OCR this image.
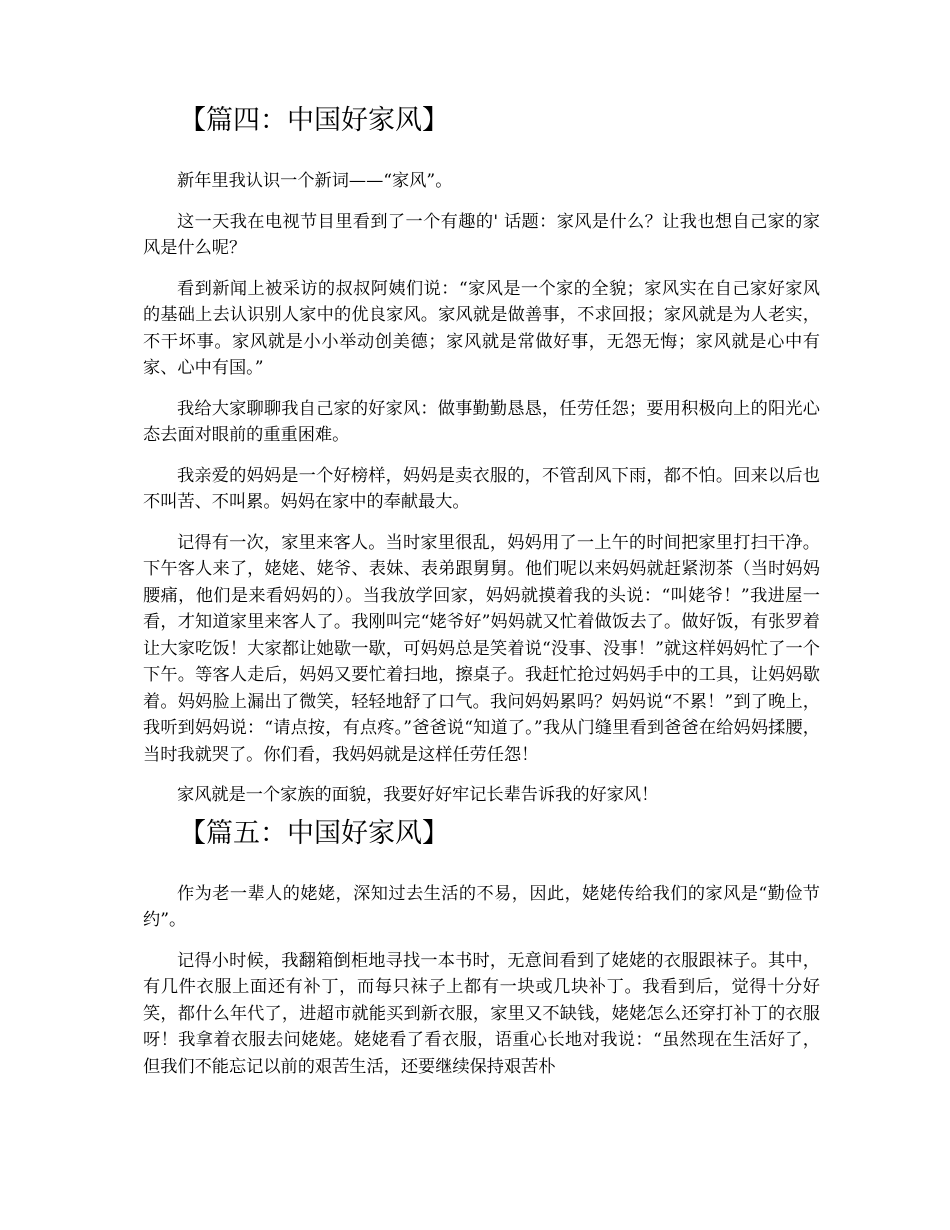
【篇四：中国好家风】

新年里我认识一个新词——“家风”。

这一天我在电视节目里看到了一个有趣的' 话题：家风是什么？让我也想自己家的家风是什么呢？

看到新闻上被采访的叔叔阿姨们说：“家风是一个家的全貌；家风实在自己家好家风的基础上去认识别人家中的优良家风。家风就是做善事，不求回报；家风就是为人老实，不干坏事。家风就是小小举动创美德；家风就是常做好事，无怨无悔；家风就是心中有家、心中有国。”

我给大家聊聊我自己家的好家风：做事勤勤恳恳，任劳任怨；要用积极向上的阳光心态去面对眼前的重重困难。

我亲爱的妈妈是一个好榜样，妈妈是卖衣服的，不管刮风下雨，都不怕。回来以后也不叫苦、不叫累。妈妈在家中的奉献最大。

记得有一次，家里来客人。当时家里很乱，妈妈用了一上午的时间把家里打扫干净。下午客人来了，姥姥、姥爷、表妹、表弟跟舅舅。他们呢以来妈妈就赶紧沏茶（当时妈妈腰痛，他们是来看妈妈的）。当我放学回家，妈妈就摸着我的头说：“叫姥爷！”我进屋一看，才知道家里来客人了。我刚叫完“姥爷好”妈妈就又忙着做饭去了。做好饭，有张罗着让大家吃饭！大家都让她歇一歇，可妈妈总是笑着说“没事、没事！”就这样妈妈忙了一个下午。等客人走后，妈妈又要忙着扫地，擦桌子。我赶忙抢过妈妈手中的工具，让妈妈歇着。妈妈脸上漏出了微笑，轻轻地舒了口气。我问妈妈累吗？妈妈说“不累！”到了晚上，我听到妈妈说：“请点按，有点疼。”爸爸说“知道了。”我从门缝里看到爸爸在给妈妈揉腰，当时我就哭了。你们看，我妈妈就是这样任劳任怨！

家风就是一个家族的面貌，我要好好牢记长辈告诉我的好家风！

【篇五：中国好家风】

作为老一辈人的姥姥，深知过去生活的不易，因此，姥姥传给我们的家风是“勤俭节约”。

记得小时候，我翻箱倒柜地寻找一本书时，无意间看到了姥姥的衣服跟袜子。其中，有几件衣服上面还有补丁，而每只袜子上都有一块或几块补丁。我看到后，觉得十分好笑，都什么年代了，进超市就能买到新衣服，家里又不缺钱，姥姥怎么还穿打补丁的衣服呀！我拿着衣服去问姥姥。姥姥看了看衣服，语重心长地对我说：“虽然现在生活好了，但我们不能忘记以前的艰苦生活，还要继续保持艰苦朴
